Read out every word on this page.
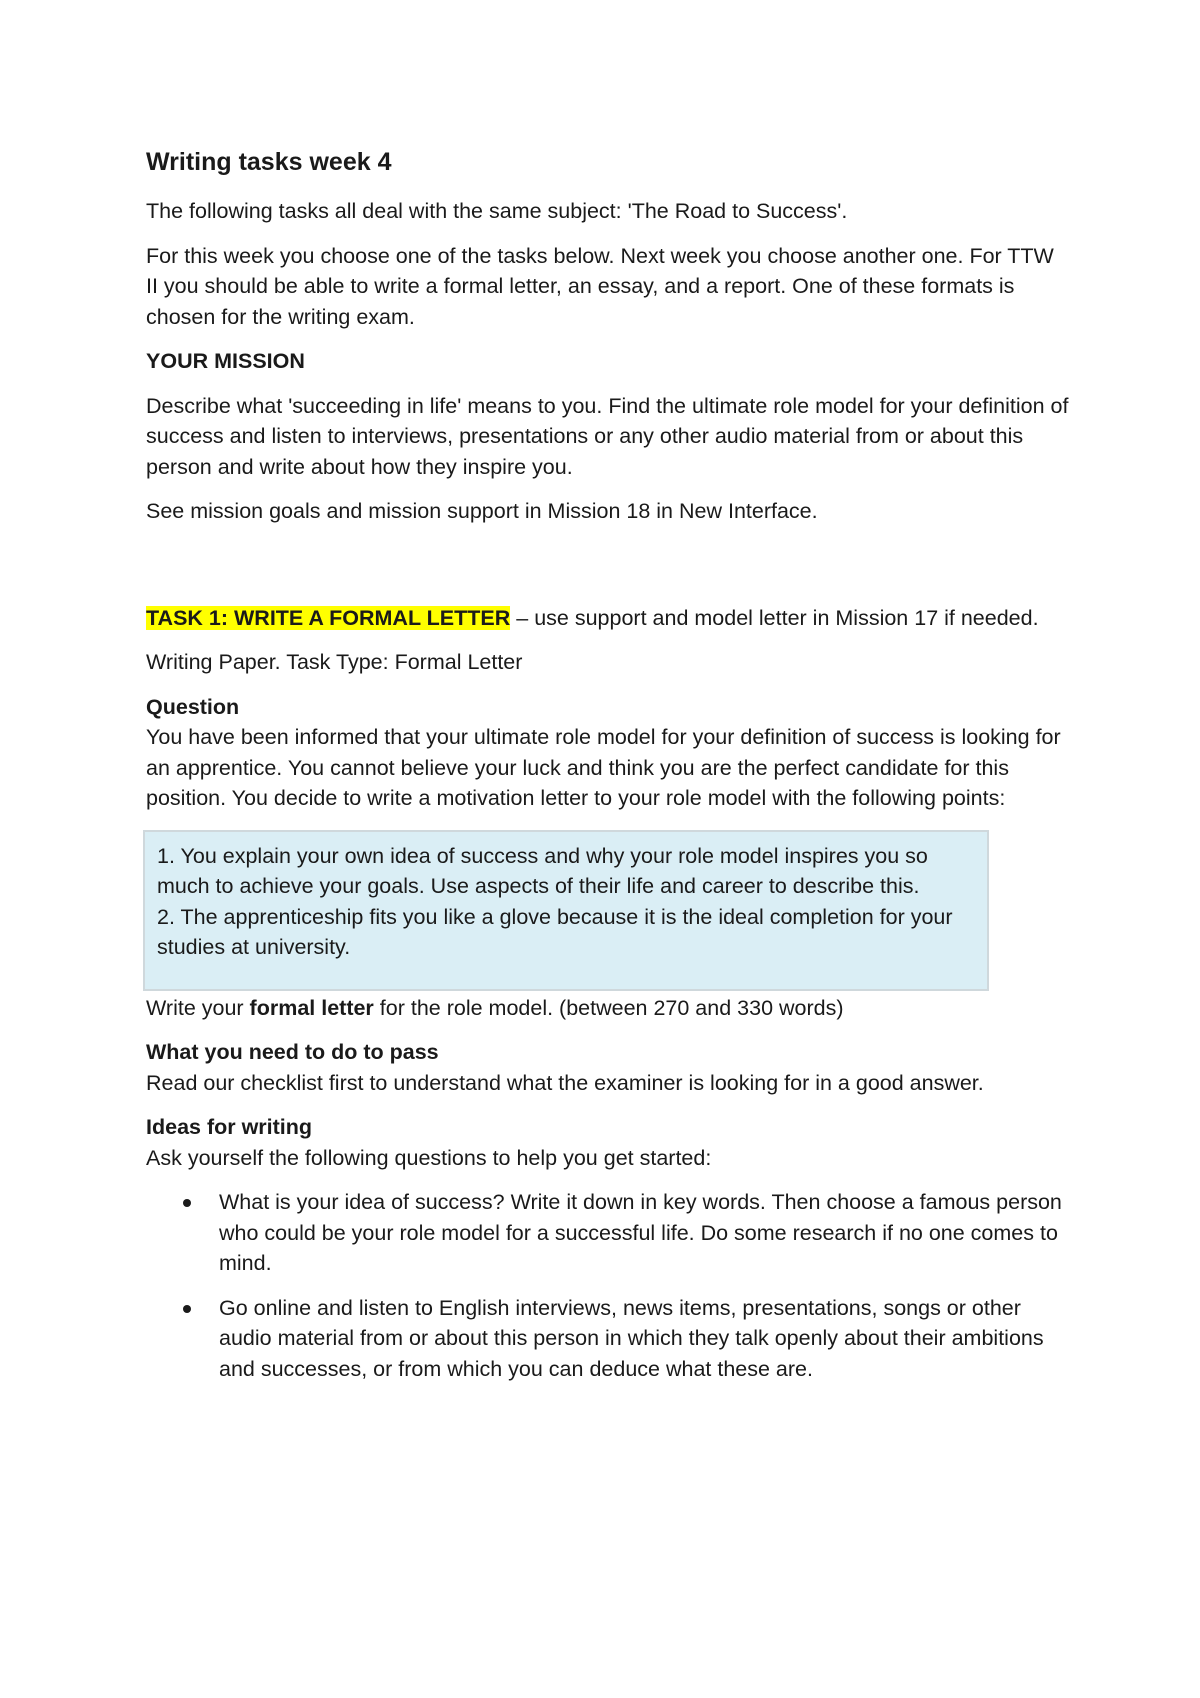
Writing tasks week 4

The following tasks all deal with the same subject: 'The Road to Success'.

For this week you choose one of the tasks below. Next week you choose another one. For TTW II you should be able to write a formal letter, an essay, and a report. One of these formats is chosen for the writing exam.

YOUR MISSION

Describe what 'succeeding in life' means to you. Find the ultimate role model for your definition of success and listen to interviews, presentations or any other audio material from or about this person and write about how they inspire you.

See mission goals and mission support in Mission 18 in New Interface.

TASK 1: WRITE A FORMAL LETTER – use support and model letter in Mission 17 if needed.

Writing Paper. Task Type: Formal Letter

Question
You have been informed that your ultimate role model for your definition of success is looking for an apprentice. You cannot believe your luck and think you are the perfect candidate for this position. You decide to write a motivation letter to your role model with the following points:
1. You explain your own idea of success and why your role model inspires you so much to achieve your goals. Use aspects of their life and career to describe this.
2. The apprenticeship fits you like a glove because it is the ideal completion for your studies at university.

Write your formal letter for the role model. (between 270 and 330 words)

What you need to do to pass
Read our checklist first to understand what the examiner is looking for in a good answer.
Ideas for writing
Ask yourself the following questions to help you get started:
What is your idea of success? Write it down in key words. Then choose a famous person who could be your role model for a successful life. Do some research if no one comes to mind.
Go online and listen to English interviews, news items, presentations, songs or other audio material from or about this person in which they talk openly about their ambitions and successes, or from which you can deduce what these are.
